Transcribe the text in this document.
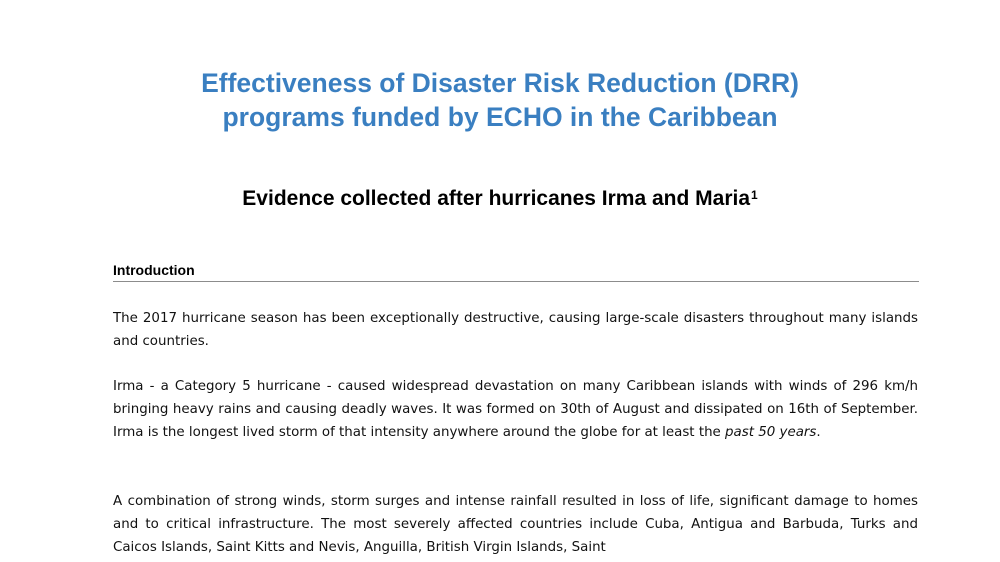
Effectiveness of Disaster Risk Reduction (DRR)
programs funded by ECHO in the Caribbean
Evidence collected after hurricanes Irma and Maria$^1$
Introduction

The 2017 hurricane season has been exceptionally destructive, causing large-scale disasters throughout many islands and countries.

Irma - a Category 5 hurricane - caused widespread devastation on many Caribbean islands with winds of 296 km/h bringing heavy rains and causing deadly waves. It was formed on 30th of August and dissipated on 16th of September. Irma is the longest lived storm of that intensity anywhere around the globe for at least the past 50 years.

A combination of strong winds, storm surges and intense rainfall resulted in loss of life, significant damage to homes and to critical infrastructure. The most severely affected countries include Cuba, Antigua and Barbuda, Turks and Caicos Islands, Saint Kitts and Nevis, Anguilla, British Virgin Islands, Saint
